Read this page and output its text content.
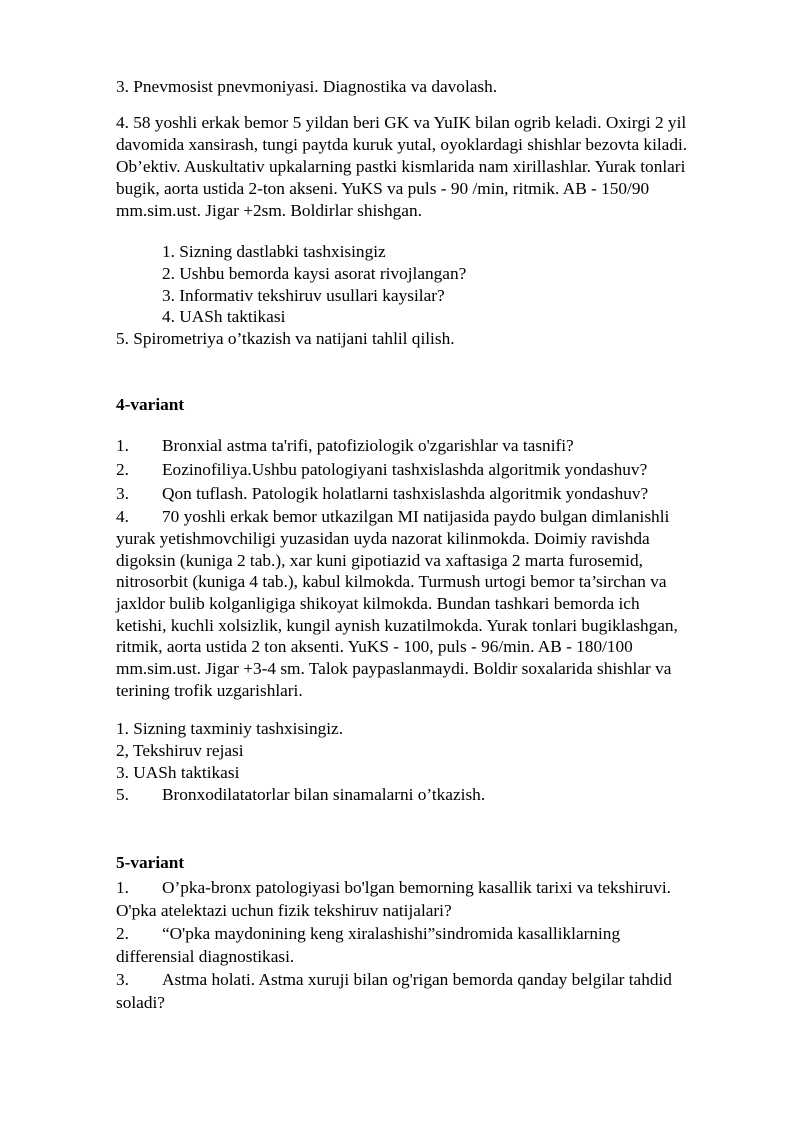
3. Pnevmosist pnevmoniyasi. Diagnostika va davolash.

4. 58 yoshli erkak bemor 5 yildan beri GK va YuIK bilan ogrib keladi. Oxirgi 2 yil

davomida xansirash, tungi paytda kuruk yutal, oyoklardagi shishlar bezovta kiladi.

Ob’ektiv. Auskultativ upkalarning pastki kismlarida nam xirillashlar. Yurak tonlari

bugik, aorta ustida 2-ton akseni. YuKS va puls - 90 /min, ritmik. AB - 150/90

mm.sim.ust. Jigar +2sm. Boldirlar shishgan.

1. Sizning dastlabki tashxisingiz

2. Ushbu bemorda kaysi asorat rivojlangan?

3. Informativ tekshiruv usullari kaysilar?

4. UASh taktikasi

5. Spirometriya o’tkazish va natijani tahlil qilish.

4-variant

1. Bronxial astma ta'rifi, patofiziologik o'zgarishlar va tasnifi?

2. Eozinofiliya.Ushbu patologiyani tashxislashda algoritmik yondashuv?

3. Qon tuflash. Patologik holatlarni tashxislashda algoritmik yondashuv?

4. 70 yoshli erkak bemor utkazilgan MI natijasida paydo bulgan dimlanishli

yurak yetishmovchiligi yuzasidan uyda nazorat kilinmokda. Doimiy ravishda

digoksin (kuniga 2 tab.), xar kuni gipotiazid va xaftasiga 2 marta furosemid,

nitrosorbit (kuniga 4 tab.), kabul kilmokda. Turmush urtogi bemor ta’sirchan va

jaxldor bulib kolganligiga shikoyat kilmokda. Bundan tashkari bemorda ich

ketishi, kuchli xolsizlik, kungil aynish kuzatilmokda. Yurak tonlari bugiklashgan,

ritmik, aorta ustida 2 ton aksenti. YuKS - 100, puls - 96/min. AB - 180/100

mm.sim.ust. Jigar +3-4 sm. Talok paypaslanmaydi. Boldir soxalarida shishlar va

terining trofik uzgarishlari.

1. Sizning taxminiy tashxisingiz.

2, Tekshiruv rejasi

3. UASh taktikasi

5. Bronxodilatatorlar bilan sinamalarni o’tkazish.

5-variant

1. O’pka-bronx patologiyasi bo'lgan bemorning kasallik tarixi va tekshiruvi.

O'pka atelektazi uchun fizik tekshiruv natijalari?

2. “O'pka maydonining keng xiralashishi”sindromida kasalliklarning

differensial diagnostikasi.

3. Astma holati. Astma xuruji bilan og'rigan bemorda qanday belgilar tahdid

soladi?
